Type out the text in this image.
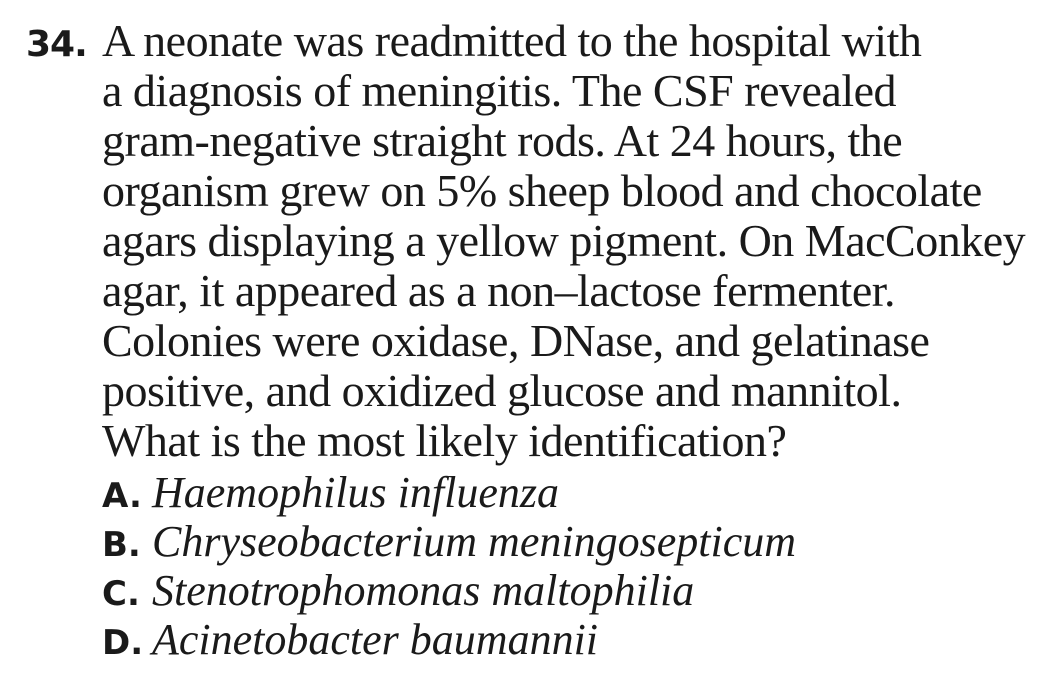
34. A neonate was readmitted to the hospital with
a diagnosis of meningitis. The CSF revealed
gram-negative straight rods. At 24 hours, the
organism grew on 5% sheep blood and chocolate
agars displaying a yellow pigment. On MacConkey
agar, it appeared as a non–lactose fermenter.
Colonies were oxidase, DNase, and gelatinase
positive, and oxidized glucose and mannitol.
What is the most likely identification?
A. Haemophilus influenza
B. Chryseobacterium meningosepticum
C. Stenotrophomonas maltophilia
D. Acinetobacter baumannii
